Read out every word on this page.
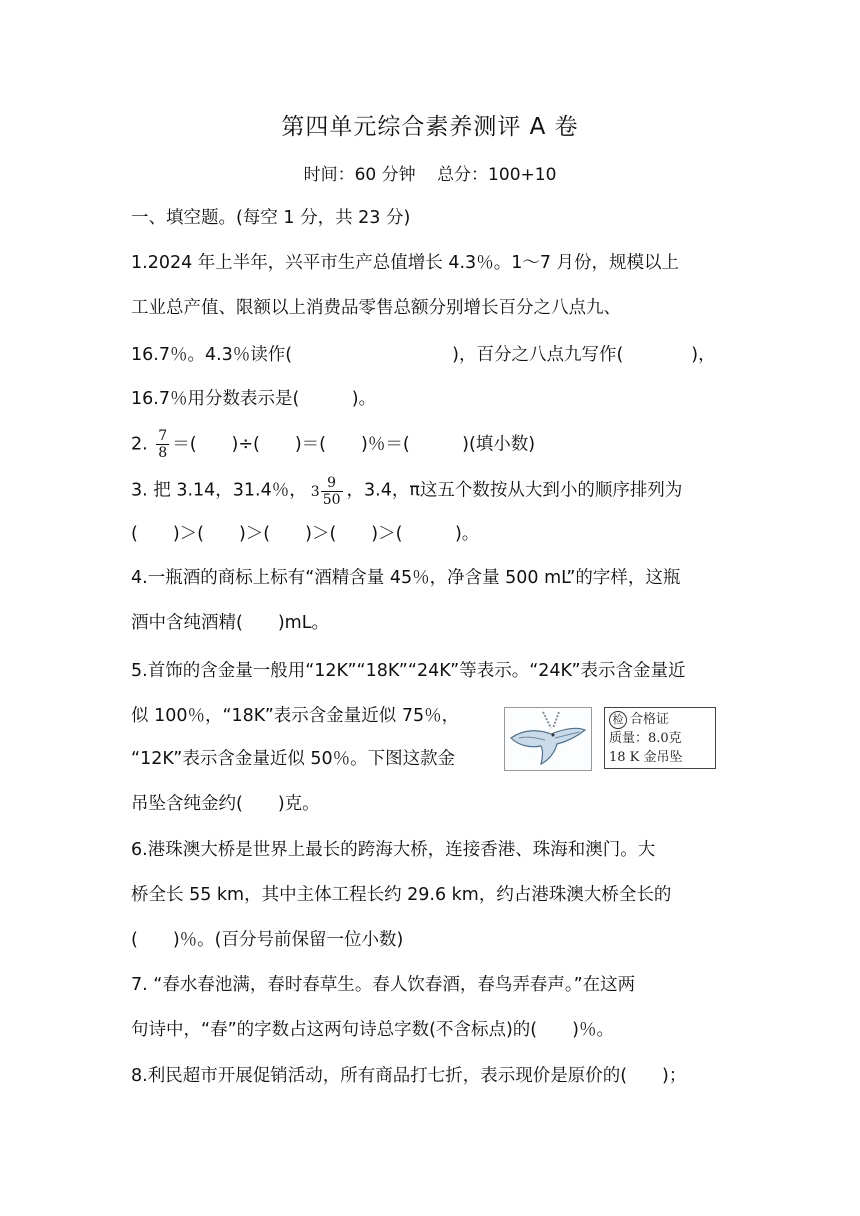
第四单元综合素养测评 A 卷
时间：60 分钟 总分：100+10
一、填空题。(每空 1 分，共 23 分)
1.2024 年上半年，兴平市生产总值增长 4.3％。1～7 月份，规模以上
工业总产值、限额以上消费品零售总额分别增长百分之八点九、
16.7％。4.3％读作(	)，百分之八点九写作(	)，
16.7％用分数表示是(　　　)。
2. $\frac{7}{8}$ ＝(　　)÷(　　)＝(　　)％＝(　　　)(填小数)
3. 把 3.14，31.4％， $3 \frac{9}{50}$ ，3.4，π这五个数按从大到小的顺序排列为
(　　)＞(　　)＞(　　)＞(　　)＞(　　　)。
4.一瓶酒的商标上标有“酒精含量 45％，净含量 500 mL”的字样，这瓶
酒中含纯酒精(　　)mL。
5.首饰的含金量一般用“12K”“18K”“24K”等表示。“24K”表示含金量近
似 100％，“18K”表示含金量近似 75％，
“12K”表示含金量近似 50％。下图这款金
吊坠含纯金约(　　)克。
检 合格证
质量：8.0克
18 K 金吊坠
6.港珠澳大桥是世界上最长的跨海大桥，连接香港、珠海和澳门。大
桥全长 55 km，其中主体工程长约 29.6 km，约占港珠澳大桥全长的
(　　)％。(百分号前保留一位小数)
7. “春水春池满，春时春草生。春人饮春酒，春鸟弄春声。”在这两
句诗中，“春”的字数占这两句诗总字数(不含标点)的(　　)％。
8.利民超市开展促销活动，所有商品打七折，表示现价是原价的(　　)；
